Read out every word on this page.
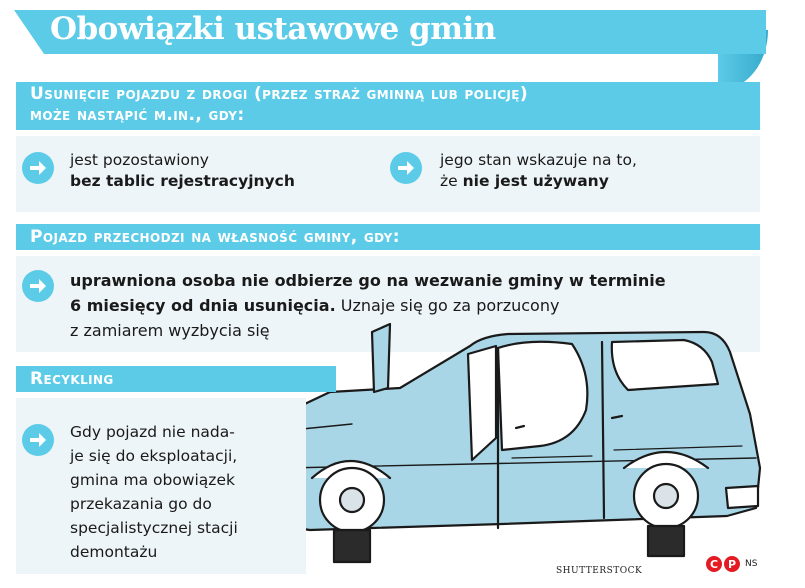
Obowiązki ustawowe gmin
Usunięcie pojazdu z drogi (przez straż gminną lub policję)
może nastąpić m.in., gdy:
jest pozostawiony
bez tablic rejestracyjnych
jego stan wskazuje na to,
że nie jest używany
Pojazd przechodzi na własność gminy, gdy:
uprawniona osoba nie odbierze go na wezwanie gminy w terminie
6 miesięcy od dnia usunięcia. Uznaje się go za porzucony
z zamiarem wyzbycia się
Recykling
Gdy pojazd nie nada-
je się do eksploatacji,
gmina ma obowiązek
przekazania go do
specjalistycznej stacji
demontażu
SHUTTERSTOCK
C P NS
